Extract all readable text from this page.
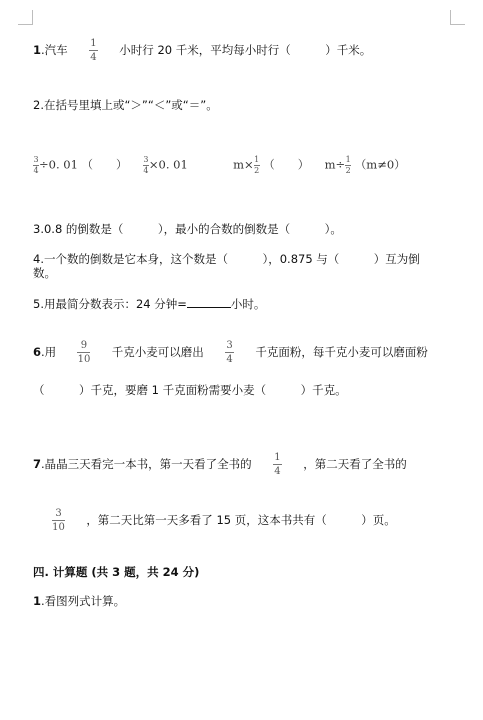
1.汽车 $\frac{1}{4}$ 小时行 20 千米，平均每小时行（　　　）千米。
2.在括号里填上或“＞”“＜”或“＝”。
$\frac{3}{4} \div 0$. 01 （　　） $\frac{3}{4} \times 0$. 01	$m\times \frac{1}{2}$ （　　） $m\div \frac{1}{2} (m\ne 0)$
3.0.8 的倒数是（　　　），最小的合数的倒数是（　　　）。
4.一个数的倒数是它本身，这个数是（　　　），0.875 与（　　　）互为倒
数。
5.用最简分数表示：24 分钟=	小时。
6.用 $\frac{9}{10}$ 千克小麦可以磨出 $\frac{3}{4}$ 千克面粉，每千克小麦可以磨面粉
（　　　）千克，要磨 1 千克面粉需要小麦（　　　）千克。
7.晶晶三天看完一本书，第一天看了全书的 $\frac{1}{4}$ ，第二天看了全书的
$\frac{3}{10}$ ，第二天比第一天多看了 15 页，这本书共有（　　　）页。
四. 计算题 (共 3 题，共 24 分)
1.看图列式计算。
